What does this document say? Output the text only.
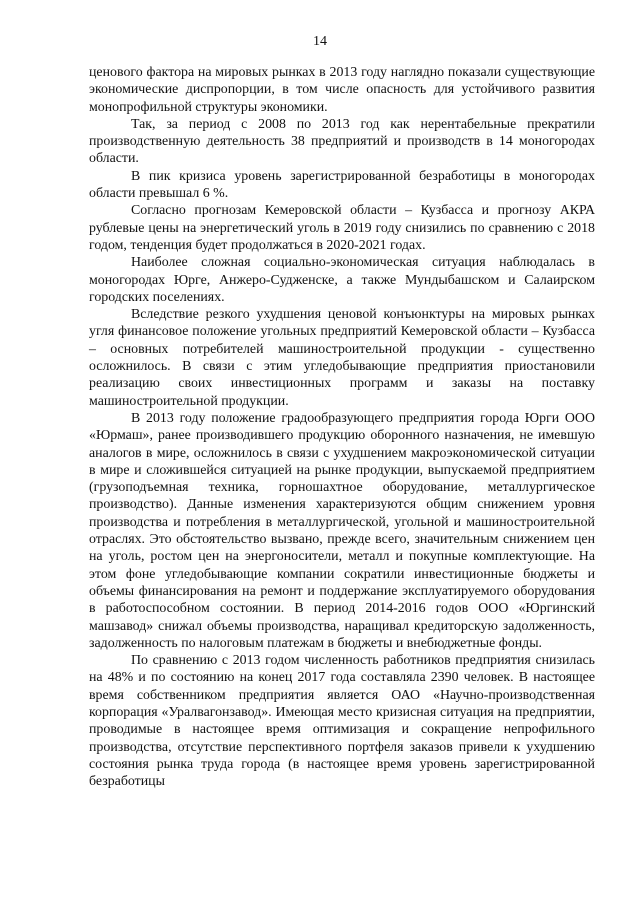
14

ценового фактора на мировых рынках в 2013 году наглядно показали существующие экономические диспропорции, в том числе опасность для устойчивого развития монопрофильной структуры экономики.

Так, за период с 2008 по 2013 год как нерентабельные прекратили производственную деятельность 38 предприятий и производств в 14 моногородах области.

В пик кризиса уровень зарегистрированной безработицы в моногородах области превышал 6 %.

Согласно прогнозам Кемеровской области – Кузбасса и прогнозу АКРА рублевые цены на энергетический уголь в 2019 году снизились по сравнению с 2018 годом, тенденция будет продолжаться в 2020-2021 годах.

Наиболее сложная социально-экономическая ситуация наблюдалась в моногородах Юрге, Анжеро-Судженске, а также Мундыбашском и Салаирском городских поселениях.

Вследствие резкого ухудшения ценовой конъюнктуры на мировых рынках угля финансовое положение угольных предприятий Кемеровской области – Кузбасса – основных потребителей машиностроительной продукции - существенно осложнилось. В связи с этим угледобывающие предприятия приостановили реализацию своих инвестиционных программ и заказы на поставку машиностроительной продукции.

В 2013 году положение градообразующего предприятия города Юрги ООО «Юрмаш», ранее производившего продукцию оборонного назначения, не имевшую аналогов в мире, осложнилось в связи с ухудшением макроэкономической ситуации в мире и сложившейся ситуацией на рынке продукции, выпускаемой предприятием (грузоподъемная техника, горношахтное оборудование, металлургическое производство). Данные изменения характеризуются общим снижением уровня производства и потребления в металлургической, угольной и машиностроительной отраслях. Это обстоятельство вызвано, прежде всего, значительным снижением цен на уголь, ростом цен на энергоносители, металл и покупные комплектующие. На этом фоне угледобывающие компании сократили инвестиционные бюджеты и объемы финансирования на ремонт и поддержание эксплуатируемого оборудования в работоспособном состоянии. В период 2014-2016 годов ООО «Юргинский машзавод» снижал объемы производства, наращивал кредиторскую задолженность, задолженность по налоговым платежам в бюджеты и внебюджетные фонды.

По сравнению с 2013 годом численность работников предприятия снизилась на 48% и по состоянию на конец 2017 года составляла 2390 человек. В настоящее время собственником предприятия является ОАО «Научно-производственная корпорация «Уралвагонзавод». Имеющая место кризисная ситуация на предприятии, проводимые в настоящее время оптимизация и сокращение непрофильного производства, отсутствие перспективного портфеля заказов привели к ухудшению состояния рынка труда города (в настоящее время уровень зарегистрированной безработицы
